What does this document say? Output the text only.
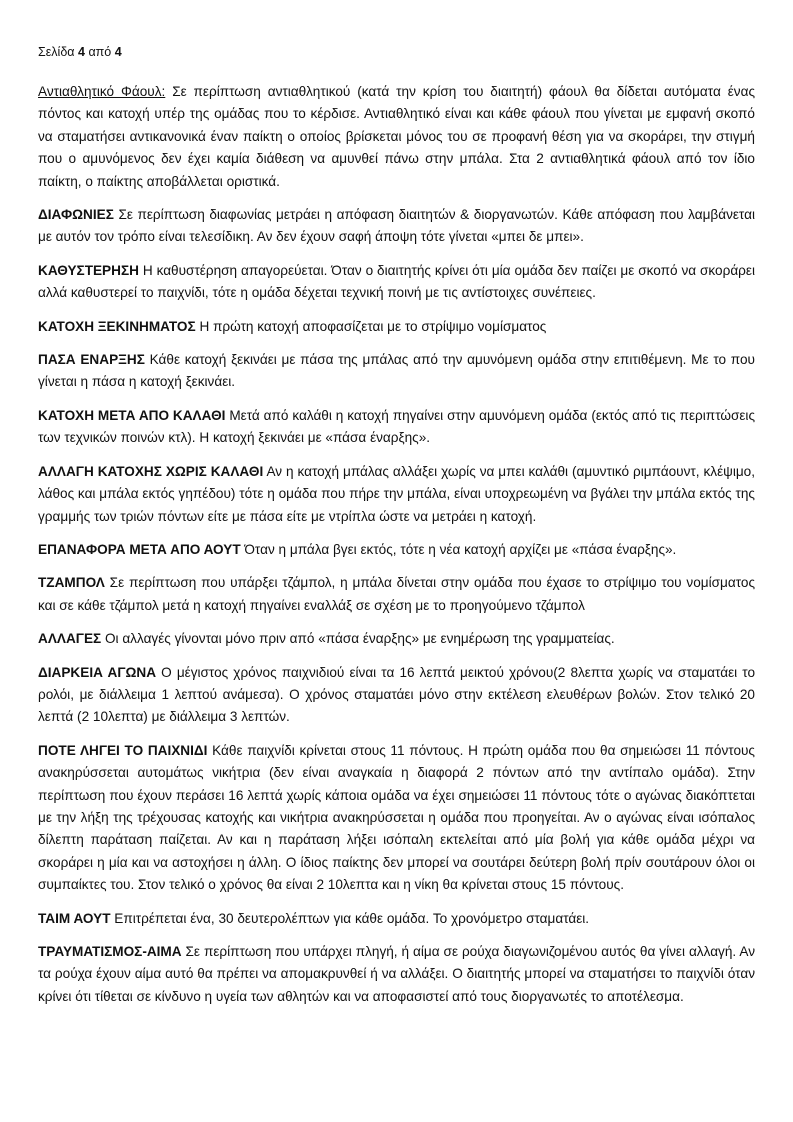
Σελίδα 4 από 4

Αντιαθλητικό Φάουλ: Σε περίπτωση αντιαθλητικού (κατά την κρίση του διαιτητή) φάουλ θα δίδεται αυτόματα ένας πόντος και κατοχή υπέρ της ομάδας που το κέρδισε. Αντιαθλητικό είναι και κάθε φάουλ που γίνεται με εμφανή σκοπό να σταματήσει αντικανονικά έναν παίκτη ο οποίος βρίσκεται μόνος του σε προφανή θέση για να σκοράρει, την στιγμή που ο αμυνόμενος δεν έχει καμία διάθεση να αμυνθεί πάνω στην μπάλα. Στα 2 αντιαθλητικά φάουλ από τον ίδιο παίκτη, ο παίκτης αποβάλλεται οριστικά.

ΔΙΑΦΩΝΙΕΣ Σε περίπτωση διαφωνίας μετράει η απόφαση διαιτητών & διοργανωτών. Κάθε απόφαση που λαμβάνεται με αυτόν τον τρόπο είναι τελεσίδικη. Αν δεν έχουν σαφή άποψη τότε γίνεται «μπει δε μπει».

ΚΑΘΥΣΤΕΡΗΣΗ Η καθυστέρηση απαγορεύεται. Όταν ο διαιτητής κρίνει ότι μία ομάδα δεν παίζει με σκοπό να σκοράρει αλλά καθυστερεί το παιχνίδι, τότε η ομάδα δέχεται τεχνική ποινή με τις αντίστοιχες συνέπειες.

ΚΑΤΟΧΗ ΞΕΚΙΝΗΜΑΤΟΣ Η πρώτη κατοχή αποφασίζεται με το στρίψιμο νομίσματος

ΠΑΣΑ ΕΝΑΡΞΗΣ Κάθε κατοχή ξεκινάει με πάσα της μπάλας από την αμυνόμενη ομάδα στην επιτιθέμενη. Με το που γίνεται η πάσα η κατοχή ξεκινάει.

ΚΑΤΟΧΗ ΜΕΤΑ ΑΠΟ ΚΑΛΑΘΙ Μετά από καλάθι η κατοχή πηγαίνει στην αμυνόμενη ομάδα (εκτός από τις περιπτώσεις των τεχνικών ποινών κτλ). Η κατοχή ξεκινάει με «πάσα έναρξης».

ΑΛΛΑΓΗ ΚΑΤΟΧΗΣ ΧΩΡΙΣ ΚΑΛΑΘΙ Αν η κατοχή μπάλας αλλάξει χωρίς να μπει καλάθι (αμυντικό ριμπάουντ, κλέψιμο, λάθος και μπάλα εκτός γηπέδου) τότε η ομάδα που πήρε την μπάλα, είναι υποχρεωμένη να βγάλει την μπάλα εκτός της γραμμής των τριών πόντων είτε με πάσα είτε με ντρίπλα ώστε να μετράει η κατοχή.

ΕΠΑΝΑΦΟΡΑ ΜΕΤΑ ΑΠΟ ΑΟΥΤ Όταν η μπάλα βγει εκτός, τότε η νέα κατοχή αρχίζει με «πάσα έναρξης».

ΤΖΑΜΠΟΛ Σε περίπτωση που υπάρξει τζάμπολ, η μπάλα δίνεται στην ομάδα που έχασε το στρίψιμο του νομίσματος και σε κάθε τζάμπολ μετά η κατοχή πηγαίνει εναλλάξ σε σχέση με το προηγούμενο τζάμπολ

ΑΛΛΑΓΕΣ Οι αλλαγές γίνονται μόνο πριν από «πάσα έναρξης» με ενημέρωση της γραμματείας.

ΔΙΑΡΚΕΙΑ ΑΓΩΝΑ Ο μέγιστος χρόνος παιχνιδιού είναι τα 16 λεπτά μεικτού χρόνου(2 8λεπτα χωρίς να σταματάει το ρολόι, με διάλλειμα 1 λεπτού ανάμεσα). Ο χρόνος σταματάει μόνο στην εκτέλεση ελευθέρων βολών. Στον τελικό 20 λεπτά (2 10λεπτα) με διάλλειμα 3 λεπτών.

ΠΟΤΕ ΛΗΓΕΙ ΤΟ ΠΑΙΧΝΙΔΙ Κάθε παιχνίδι κρίνεται στους 11 πόντους. Η πρώτη ομάδα που θα σημειώσει 11 πόντους ανακηρύσσεται αυτομάτως νικήτρια (δεν είναι αναγκαία η διαφορά 2 πόντων από την αντίπαλο ομάδα). Στην περίπτωση που έχουν περάσει 16 λεπτά χωρίς κάποια ομάδα να έχει σημειώσει 11 πόντους τότε ο αγώνας διακόπτεται με την λήξη της τρέχουσας κατοχής και νικήτρια ανακηρύσσεται η ομάδα που προηγείται. Αν ο αγώνας είναι ισόπαλος δίλεπτη παράταση παίζεται. Αν και η παράταση λήξει ισόπαλη εκτελείται από μία βολή για κάθε ομάδα μέχρι να σκοράρει η μία και να αστοχήσει η άλλη. Ο ίδιος παίκτης δεν μπορεί να σουτάρει δεύτερη βολή πρίν σουτάρουν όλοι οι συμπαίκτες του. Στον τελικό ο χρόνος θα είναι 2 10λεπτα και η νίκη θα κρίνεται στους 15 πόντους.

ΤΑΙΜ ΑΟΥΤ Επιτρέπεται ένα, 30 δευτερολέπτων για κάθε ομάδα. Το χρονόμετρο σταματάει.

ΤΡΑΥΜΑΤΙΣΜΟΣ-ΑΙΜΑ Σε περίπτωση που υπάρχει πληγή, ή αίμα σε ρούχα διαγωνιζομένου αυτός θα γίνει αλλαγή. Αν τα ρούχα έχουν αίμα αυτό θα πρέπει να απομακρυνθεί ή να αλλάξει. Ο διαιτητής μπορεί να σταματήσει το παιχνίδι όταν κρίνει ότι τίθεται σε κίνδυνο η υγεία των αθλητών και να αποφασιστεί από τους διοργανωτές το αποτέλεσμα.
